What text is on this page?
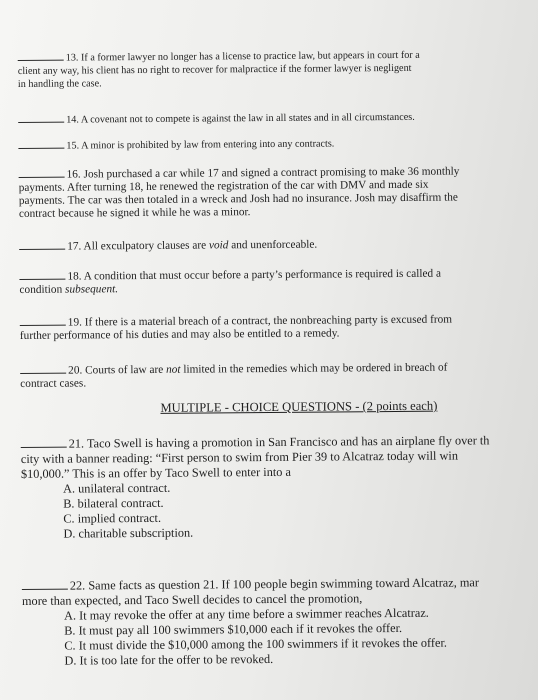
13. If a former lawyer no longer has a license to practice law, but appears in court for a
client any way, his client has no right to recover for malpractice if the former lawyer is negligent
in handling the case.
14. A covenant not to compete is against the law in all states and in all circumstances.
15. A minor is prohibited by law from entering into any contracts.
16. Josh purchased a car while 17 and signed a contract promising to make 36 monthly
payments. After turning 18, he renewed the registration of the car with DMV and made six
payments. The car was then totaled in a wreck and Josh had no insurance. Josh may disaffirm the
contract because he signed it while he was a minor.
17. All exculpatory clauses are void and unenforceable.
18. A condition that must occur before a party’s performance is required is called a
condition subsequent.
19. If there is a material breach of a contract, the nonbreaching party is excused from
further performance of his duties and may also be entitled to a remedy.
20. Courts of law are not limited in the remedies which may be ordered in breach of
contract cases.
MULTIPLE - CHOICE QUESTIONS - (2 points each)
21. Taco Swell is having a promotion in San Francisco and has an airplane fly over th
city with a banner reading: “First person to swim from Pier 39 to Alcatraz today will win
$10,000.” This is an offer by Taco Swell to enter into a
A. unilateral contract.
B. bilateral contract.
C. implied contract.
D. charitable subscription.
22. Same facts as question 21. If 100 people begin swimming toward Alcatraz, mar
more than expected, and Taco Swell decides to cancel the promotion,
A. It may revoke the offer at any time before a swimmer reaches Alcatraz.
B. It must pay all 100 swimmers $10,000 each if it revokes the offer.
C. It must divide the $10,000 among the 100 swimmers if it revokes the offer.
D. It is too late for the offer to be revoked.
